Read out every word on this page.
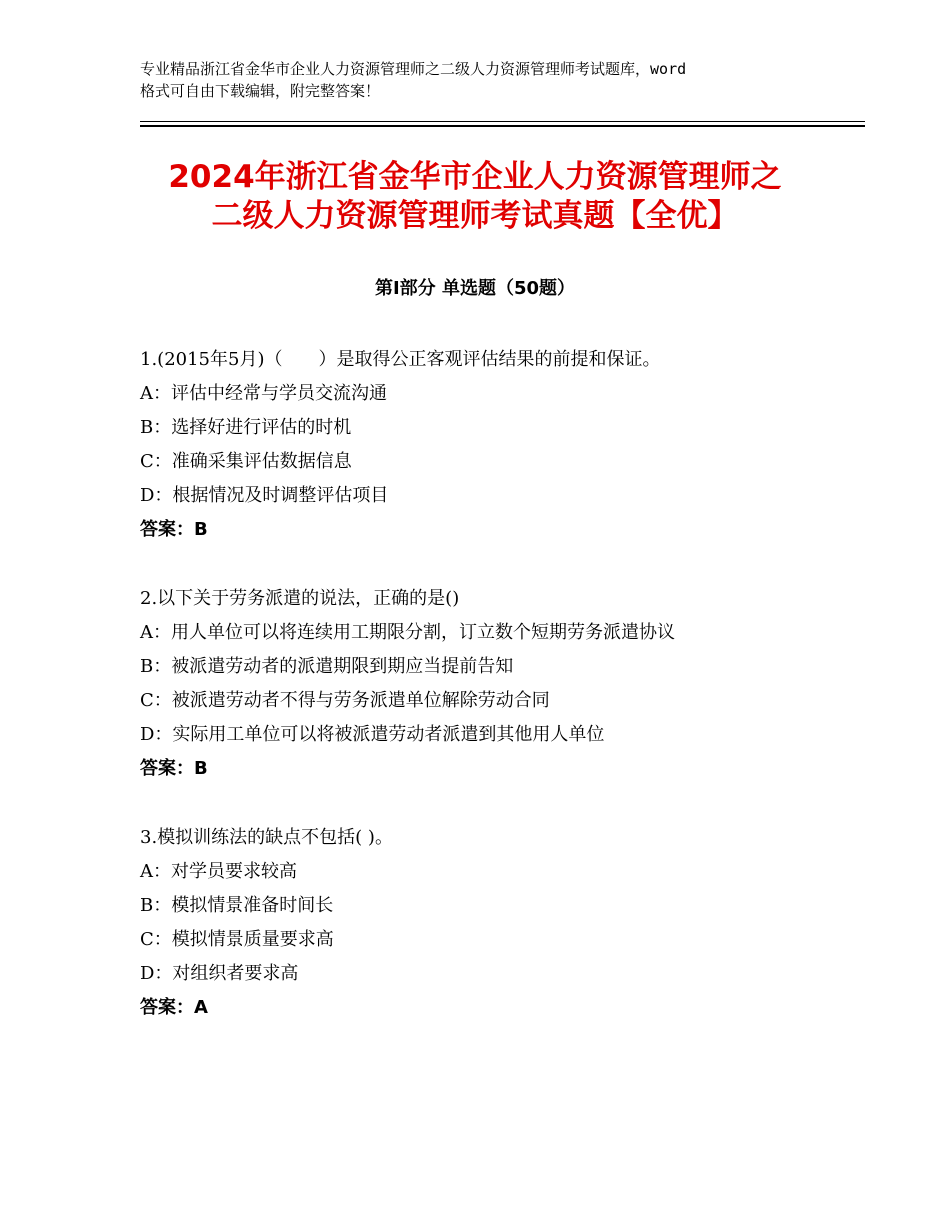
专业精品浙江省金华市企业人力资源管理师之二级人力资源管理师考试题库，word
格式可自由下载编辑，附完整答案！
2024年浙江省金华市企业人力资源管理师之
二级人力资源管理师考试真题【全优】
第Ⅰ部分 单选题（50题）
1.(2015年5月)（　　）是取得公正客观评估结果的前提和保证。
A：评估中经常与学员交流沟通
B：选择好进行评估的时机
C：准确采集评估数据信息
D：根据情况及时调整评估项目
答案：B
2.以下关于劳务派遣的说法，正确的是()
A：用人单位可以将连续用工期限分割，订立数个短期劳务派遣协议
B：被派遣劳动者的派遣期限到期应当提前告知
C：被派遣劳动者不得与劳务派遣单位解除劳动合同
D：实际用工单位可以将被派遣劳动者派遣到其他用人单位
答案：B
3.模拟训练法的缺点不包括( )。
A：对学员要求较高
B：模拟情景准备时间长
C：模拟情景质量要求高
D：对组织者要求高
答案：A
